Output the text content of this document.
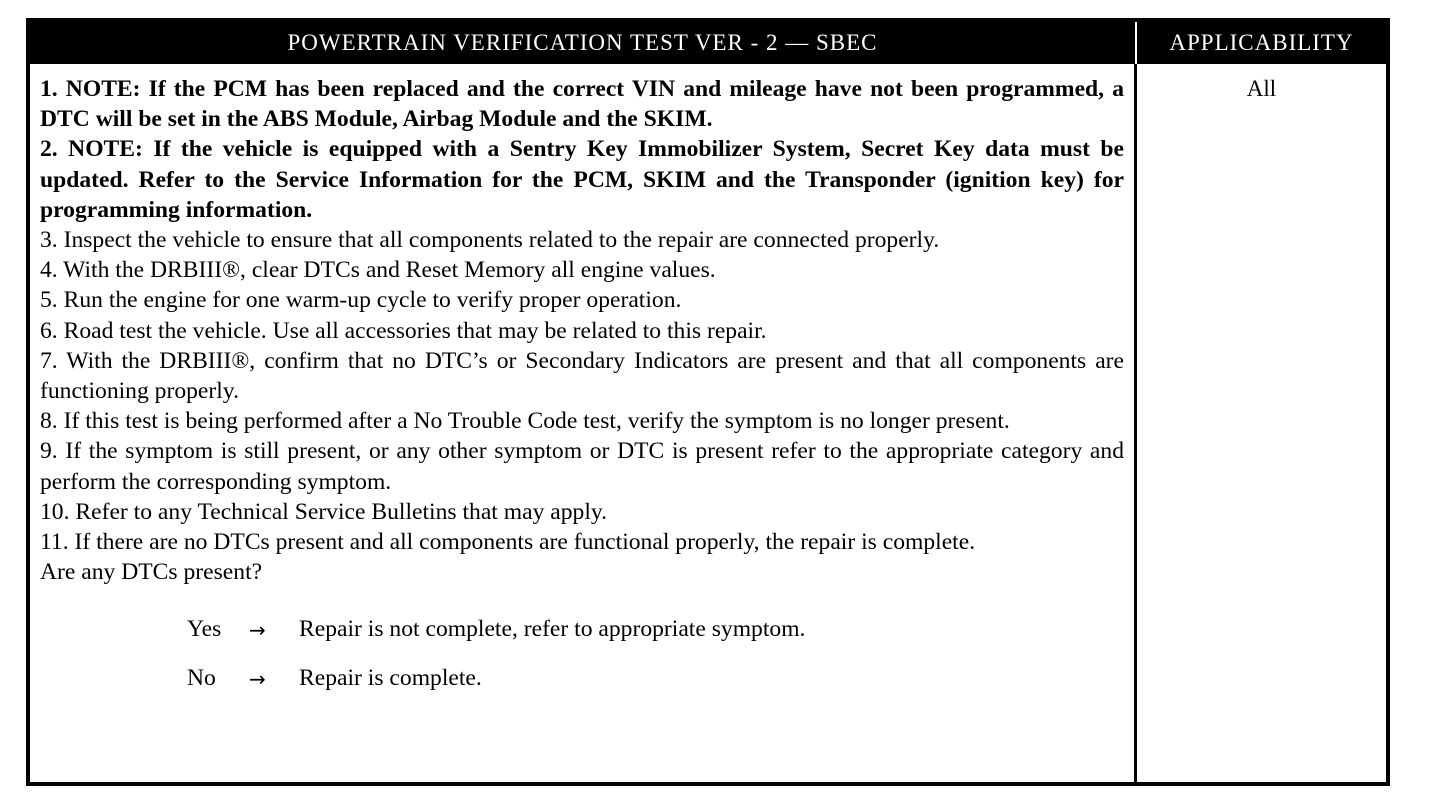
POWERTRAIN VERIFICATION TEST VER - 2 — SBEC	APPLICABILITY

1. NOTE: If the PCM has been replaced and the correct VIN and mileage have not been programmed, a DTC will be set in the ABS Module, Airbag Module and the SKIM.

2. NOTE: If the vehicle is equipped with a Sentry Key Immobilizer System, Secret Key data must be updated. Refer to the Service Information for the PCM, SKIM and the Transponder (ignition key) for programming information.

3. Inspect the vehicle to ensure that all components related to the repair are connected properly.

4. With the DRBIII®, clear DTCs and Reset Memory all engine values.

5. Run the engine for one warm-up cycle to verify proper operation.

6. Road test the vehicle. Use all accessories that may be related to this repair.

7. With the DRBIII®, confirm that no DTC’s or Secondary Indicators are present and that all components are functioning properly.

8. If this test is being performed after a No Trouble Code test, verify the symptom is no longer present.

9. If the symptom is still present, or any other symptom or DTC is present refer to the appropriate category and perform the corresponding symptom.

10. Refer to any Technical Service Bulletins that may apply.

11. If there are no DTCs present and all components are functional properly, the repair is complete.

Are any DTCs present?

Yes	→	Repair is not complete, refer to appropriate symptom.
No	→	Repair is complete.
All
